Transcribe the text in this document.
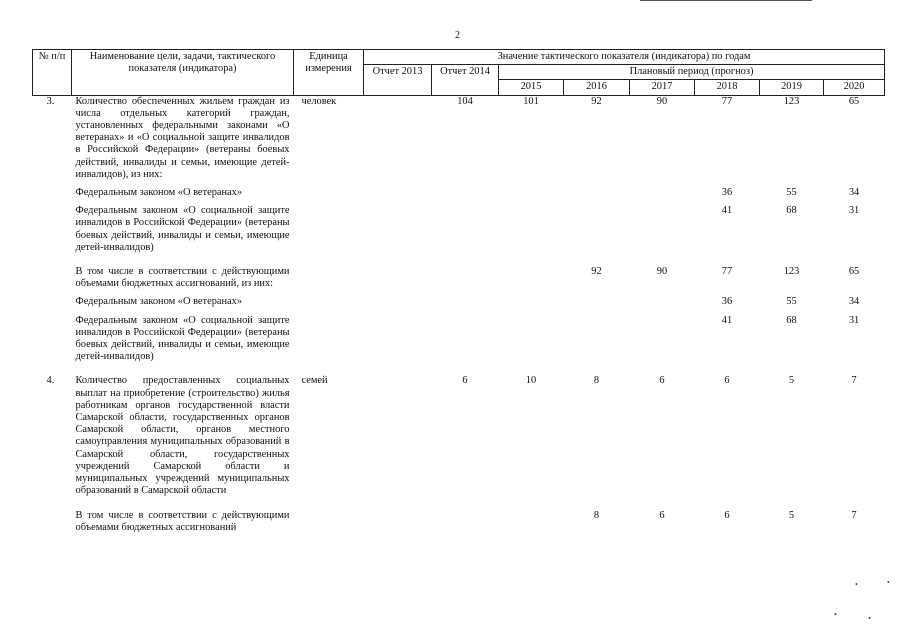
2
•	•
•	•
№ п/п	Наименование цели, задачи, тактического показателя (индикатора)	Единица измерения	Значение тактического показателя (индикатора) по годам							
			Отчет 2013	Отчет 2014	Плановый период (прогноз)					
					2015	2016	2017	2018	2019	2020
3.	Количество обеспеченных жильем граждан из числа отдельных категорий граждан, установленных федеральными законами «О ветеранах» и «О социальной защите инвалидов в Российской Федерации» (ветераны боевых действий, инвалиды и семьи, имеющие детей-инвалидов), из них:	человек		104	101	92	90	77	123	65

	Федеральным законом «О ветеранах»							36	55	34

	Федеральным законом «О социальной защите инвалидов в Российской Федерации» (ветераны боевых действий, инвалиды и семьи, имеющие детей-инвалидов)							41	68	31

	В том числе в соответствии с действующими объемами бюджетных ассигнований, из них:					92	90	77	123	65

	Федеральным законом «О ветеранах»							36	55	34

	Федеральным законом «О социальной защите инвалидов в Российской Федерации» (ветераны боевых действий, инвалиды и семьи, имеющие детей-инвалидов)							41	68	31

4.	Количество предоставленных социальных выплат на приобретение (строительство) жилья работникам органов государственной власти Самарской области, государственных органов Самарской области, органов местного самоуправления муниципальных образований в Самарской области, государственных учреждений Самарской области и муниципальных учреждений муниципальных образований в Самарской области	семей		6	10	8	6	6	5	7

	В том числе в соответствии с действующими объемами бюджетных ассигнований					8	6	6	5	7
